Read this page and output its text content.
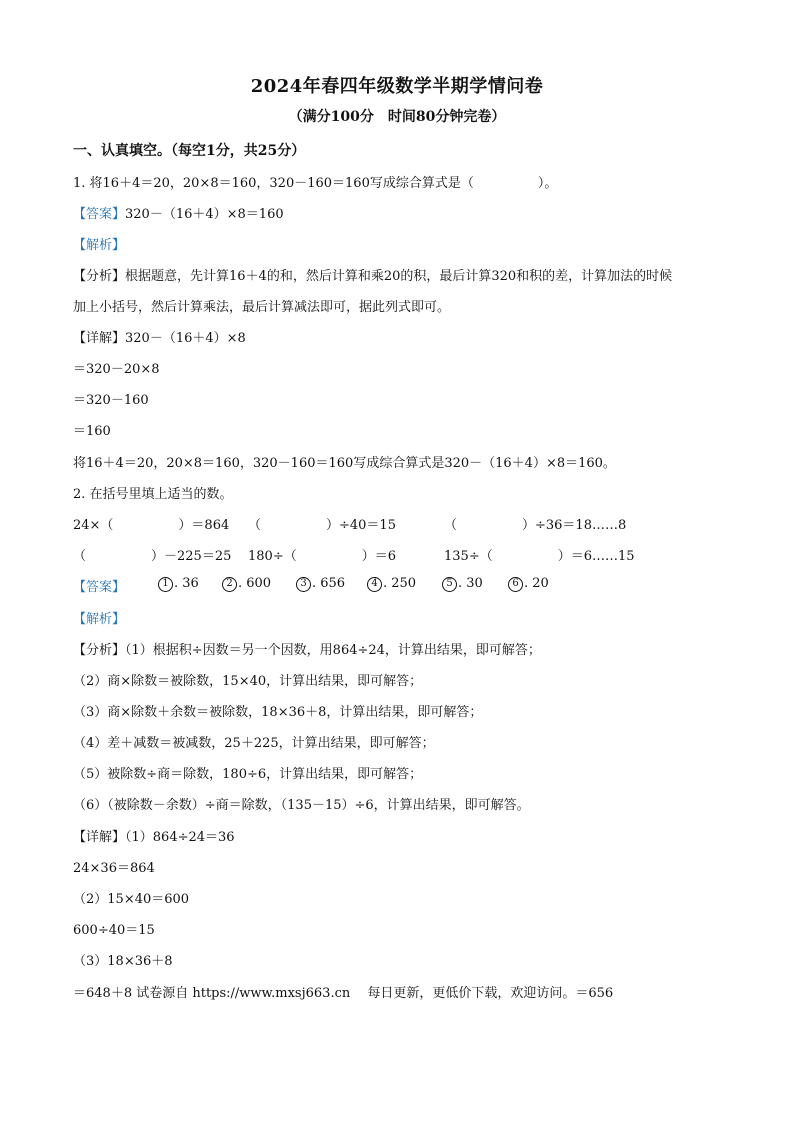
2024年春四年级数学半期学情问卷
（满分100分　时间80分钟完卷）
一、认真填空。（每空1分，共25分）
1. 将16＋4＝20，20×8＝160，320－160＝160写成综合算式是（	）。
【答案】320－（16＋4）×8＝160
【解析】
【分析】根据题意，先计算16＋4的和，然后计算和乘20的积，最后计算320和积的差，计算加法的时候
加上小括号，然后计算乘法，最后计算减法即可，据此列式即可。
【详解】320－（16＋4）×8
＝320－20×8
＝320－160
＝160
将16＋4＝20，20×8＝160，320－160＝160写成综合算式是320－（16＋4）×8＝160。
2. 在括号里填上适当的数。
24×（　　　　　）＝864 （　　　　　）÷40＝15	（　　　　　）÷36＝18……8
（　　　　　）－225＝25 180÷（　　　　　）＝6	135÷（　　　　　）＝6……15
【答案】	1 . 36	2 . 600	3 . 656	4 . 250	5 . 30	6 . 20
【解析】
【分析】（1）根据积÷因数＝另一个因数，用864÷24，计算出结果，即可解答；
（2）商×除数＝被除数，15×40，计算出结果，即可解答；
（3）商×除数＋余数＝被除数，18×36＋8，计算出结果，即可解答；
（4）差＋减数＝被减数，25＋225，计算出结果，即可解答；
（5）被除数÷商＝除数，180÷6，计算出结果，即可解答；
（6）（被除数－余数）÷商＝除数，（135－15）÷6，计算出结果，即可解答。
【详解】（1）864÷24＝36
24×36＝864
（2）15×40＝600
600÷40＝15
（3）18×36＋8
＝648＋8 试卷源自 https://www.mxsj663.cn　 每日更新，更低价下载，欢迎访问。＝656
